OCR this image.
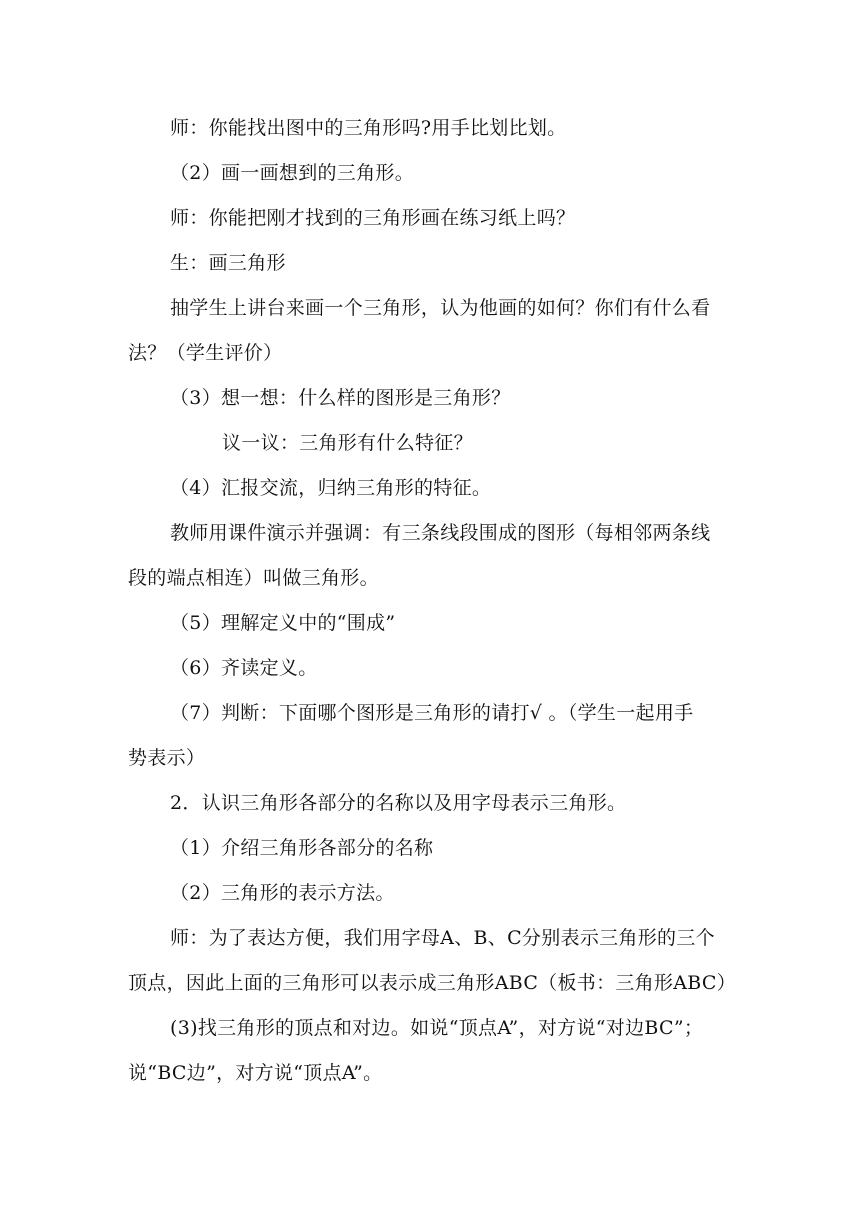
师：你能找出图中的三角形吗?用手比划比划。
（2）画一画想到的三角形。
师：你能把刚才找到的三角形画在练习纸上吗？
生：画三角形
抽学生上讲台来画一个三角形，认为他画的如何？你们有什么看
法？（学生评价）
（3）想一想：什么样的图形是三角形？
议一议：三角形有什么特征？
（4）汇报交流，归纳三角形的特征。
教师用课件演示并强调：有三条线段围成的图形（每相邻两条线
段的端点相连）叫做三角形。
（5）理解定义中的“围成”
（6）齐读定义。
（7）判断：下面哪个图形是三角形的请打√ 。（学生一起用手
势表示）
2．认识三角形各部分的名称以及用字母表示三角形。
（1）介绍三角形各部分的名称
（2）三角形的表示方法。
师：为了表达方便，我们用字母A、B、C分别表示三角形的三个
顶点，因此上面的三角形可以表示成三角形ABC（板书：三角形ABC）
(3)找三角形的顶点和对边。如说“顶点A”，对方说“对边BC”；
说“BC边”，对方说“顶点A”。
